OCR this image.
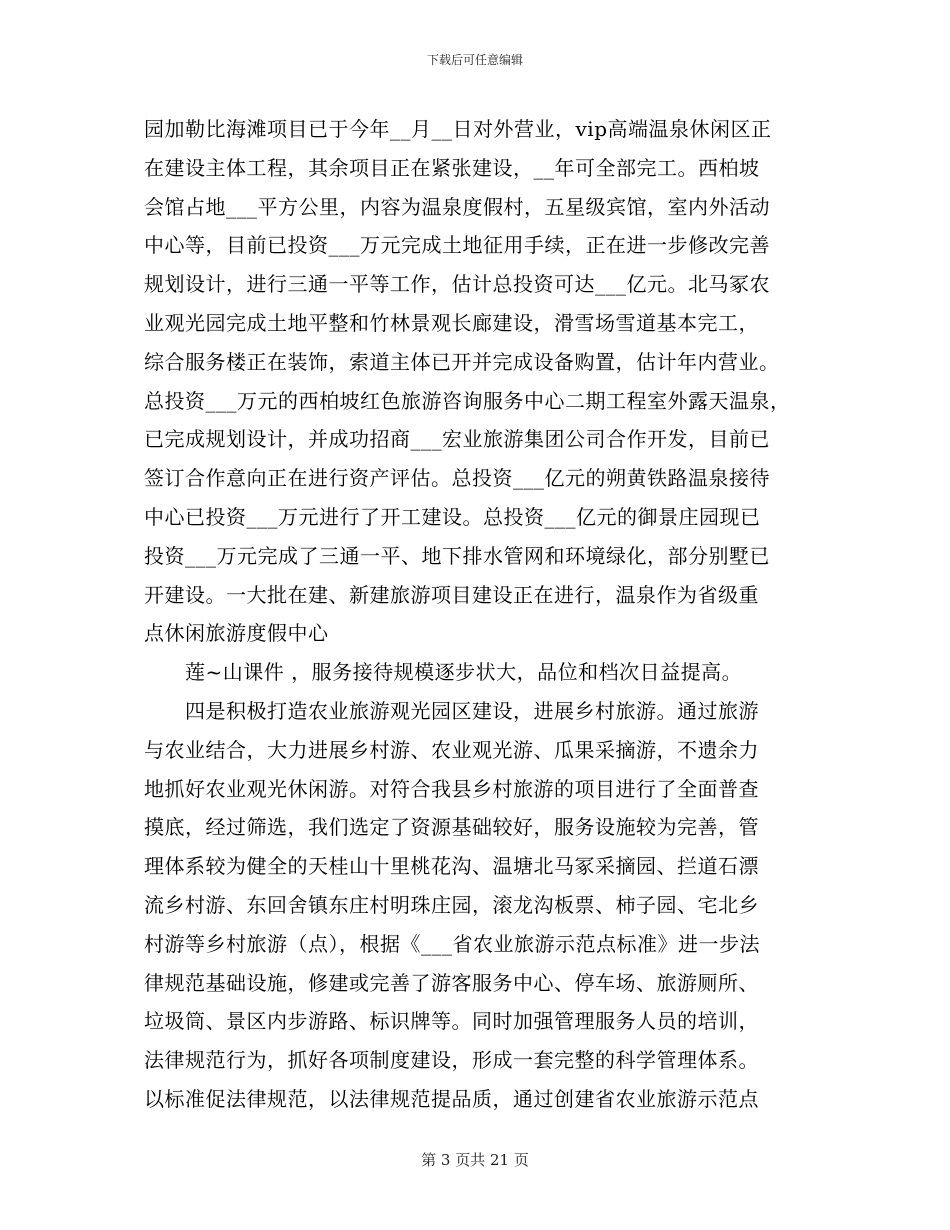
下载后可任意编辑
园加勒比海滩项目已于今年__月__日对外营业，vip高端温泉休闲区正
在建设主体工程，其余项目正在紧张建设，__年可全部完工。西柏坡
会馆占地___平方公里，内容为温泉度假村，五星级宾馆，室内外活动
中心等，目前已投资___万元完成土地征用手续，正在进一步修改完善
规划设计，进行三通一平等工作，估计总投资可达___亿元。北马冢农
业观光园完成土地平整和竹林景观长廊建设，滑雪场雪道基本完工，
综合服务楼正在装饰，索道主体已开并完成设备购置，估计年内营业。
总投资___万元的西柏坡红色旅游咨询服务中心二期工程室外露天温泉，
已完成规划设计，并成功招商___宏业旅游集团公司合作开发，目前已
签订合作意向正在进行资产评估。总投资___亿元的朔黄铁路温泉接待
中心已投资___万元进行了开工建设。总投资___亿元的御景庄园现已
投资___万元完成了三通一平、地下排水管网和环境绿化，部分别墅已
开建设。一大批在建、新建旅游项目建设正在进行，温泉作为省级重
点休闲旅游度假中心
　　莲~山课件 ，服务接待规模逐步状大，品位和档次日益提高。
　　四是积极打造农业旅游观光园区建设，进展乡村旅游。通过旅游
与农业结合，大力进展乡村游、农业观光游、瓜果采摘游，不遗余力
地抓好农业观光休闲游。对符合我县乡村旅游的项目进行了全面普查
摸底，经过筛选，我们选定了资源基础较好，服务设施较为完善，管
理体系较为健全的天桂山十里桃花沟、温塘北马冢采摘园、拦道石漂
流乡村游、东回舍镇东庄村明珠庄园，滚龙沟板票、柿子园、宅北乡
村游等乡村旅游（点），根据《___省农业旅游示范点标准》进一步法
律规范基础设施，修建或完善了游客服务中心、停车场、旅游厕所、
垃圾筒、景区内步游路、标识牌等。同时加强管理服务人员的培训，
法律规范行为，抓好各项制度建设，形成一套完整的科学管理体系。
以标准促法律规范，以法律规范提品质，通过创建省农业旅游示范点
第 3 页共 21 页
